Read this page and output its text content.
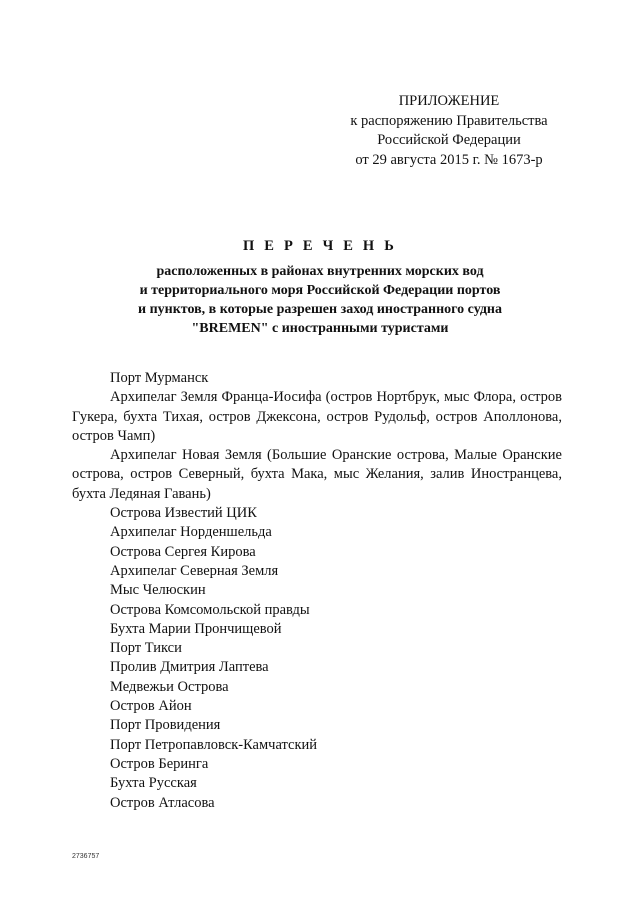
ПРИЛОЖЕНИЕ
к распоряжению Правительства
Российской Федерации
от 29 августа 2015 г. № 1673-р
П Е Р Е Ч Е Н Ь
расположенных в районах внутренних морских вод
и территориального моря Российской Федерации портов
и пунктов, в которые разрешен заход иностранного судна
"BREMEN" с иностранными туристами
Порт Мурманск
Архипелаг Земля Франца-Иосифа (остров Нортбрук, мыс Флора, остров Гукера, бухта Тихая, остров Джексона, остров Рудольф, остров Аполлонова, остров Чамп)
Архипелаг Новая Земля (Большие Оранские острова, Малые Оранские острова, остров Северный, бухта Мака, мыс Желания, залив Иностранцева, бухта Ледяная Гавань)
Острова Известий ЦИК
Архипелаг Норденшельда
Острова Сергея Кирова
Архипелаг Северная Земля
Мыс Челюскин
Острова Комсомольской правды
Бухта Марии Прончищевой
Порт Тикси
Пролив Дмитрия Лаптева
Медвежьи Острова
Остров Айон
Порт Провидения
Порт Петропавловск-Камчатский
Остров Беринга
Бухта Русская
Остров Атласова
2736757
